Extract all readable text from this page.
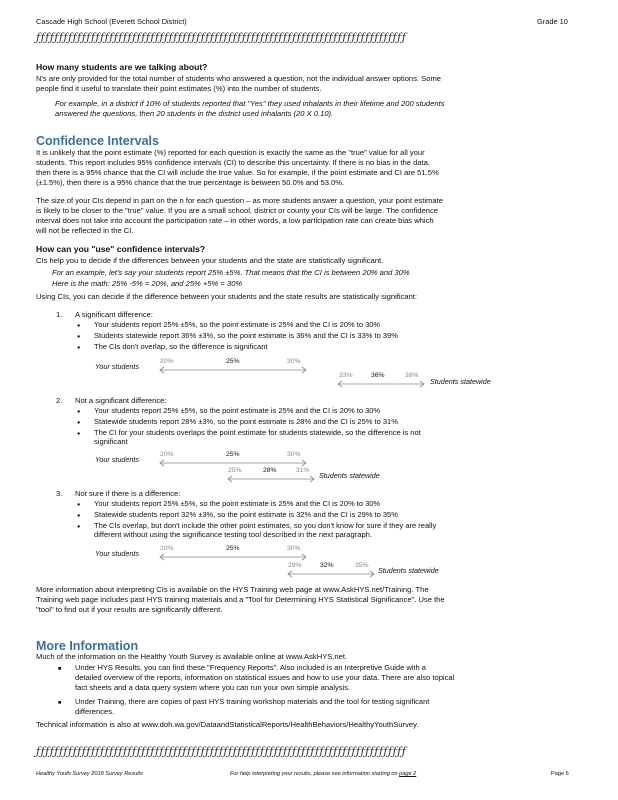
Cascade High School (Everett School District)	Grade 10
ƒƒƒƒƒƒƒƒƒƒƒƒƒƒƒƒƒƒƒƒƒƒƒƒƒƒƒƒƒƒƒƒƒƒƒƒƒƒƒƒƒƒƒƒƒƒƒƒƒƒƒƒƒƒƒƒƒƒƒƒƒƒƒƒƒƒƒƒƒƒƒƒƒƒƒƒƒƒƒƒƒ
How many students are we talking about?
N's are only provided for the total number of students who answered a question, not the individual answer options. Some
people find it useful to translate their point estimates (%) into the number of students.
For example, in a district if 10% of students reported that "Yes" they used inhalants in their lifetime and 200 students
answered the questions, then 20 students in the district used inhalants (20 X 0.10).
Confidence Intervals
It is unlikely that the point estimate (%) reported for each question is exactly the same as the "true" value for all your
students. This report includes 95% confidence intervals (CI) to describe this uncertainty. If there is no bias in the data,
then there is a 95% chance that the CI will include the true value. So for example, if the point estimate and CI are 51.5%
(±1.5%), then there is a 95% chance that the true percentage is between 50.0% and 53.0%.
The size of your CIs depend in part on the n for each question – as more students answer a question, your point estimate
is likely to be closer to the "true" value. If you are a small school, district or county your CIs will be large. The confidence
interval does not take into account the participation rate – in other words, a low participation rate can create bias which
will not be reflected in the CI.
How can you "use" confidence intervals?
CIs help you to decide if the differences between your students and the state are statistically significant.
For an example, let's say your students report 25% ±5%. That means that the CI is between 20% and 30%
Here is the math: 25% -5% = 20%, and 25% +5% = 30%
Using CIs, you can decide if the difference between your students and the state results are statistically significant:
1. A significant difference:
● Your students report 25% ±5%, so the point estimate is 25% and the CI is 20% to 30%
● Students statewide report 36% ±3%, so the point estimate is 36% and the CI is 33% to 39%
● The CIs don't overlap, so the difference is significant
Your students
20%	25%	30%
33%	36%	39%
Students statewide
2. Not a significant difference:
● Your students report 25% ±5%, so the point estimate is 25% and the CI is 20% to 30%
● Statewide students report 28% ±3%, so the point estimate is 28% and the CI is 25% to 31%
● The CI for your students overlaps the point estimate for students statewide, so the difference is not
significant
Your students
20%	25%	30%
25%	28%	31%
Students statewide
3. Not sure if there is a difference:
● Your students report 25% ±5%, so the point estimate is 25% and the CI is 20% to 30%
● Statewide students report 32% ±3%, so the point estimate is 32% and the CI is 29% to 35%
● The CIs overlap, but don't include the other point estimates, so you don't know for sure if they are really
different without using the significance testing tool described in the next paragraph.
Your students
20%	25%	30%
29%	32%	35%
Students statewide
More information about interpreting CIs is available on the HYS Training web page at www.AskHYS.net/Training. The
Training web page includes past HYS training materials and a "Tool for Determining HYS Statistical Significance". Use the
"tool" to find out if your results are significantly different.
More Information
Much of the information on the Healthy Youth Survey is available online at www.AskHYS.net.
■ Under HYS Results, you can find these "Frequency Reports". Also included is an Interpretive Guide with a
detailed overview of the reports, information on statistical issues and how to use your data. There are also topical
fact sheets and a data query system where you can run your own simple analysis.
■ Under Training, there are copies of past HYS training workshop materials and the tool for testing significant
differences.
Technical information is also at www.doh.wa.gov/DataandStatisticalReports/HealthBehaviors/HealthyYouthSurvey.
ƒƒƒƒƒƒƒƒƒƒƒƒƒƒƒƒƒƒƒƒƒƒƒƒƒƒƒƒƒƒƒƒƒƒƒƒƒƒƒƒƒƒƒƒƒƒƒƒƒƒƒƒƒƒƒƒƒƒƒƒƒƒƒƒƒƒƒƒƒƒƒƒƒƒƒƒƒƒƒƒƒ
Healthy Youth Survey 2018 Survey Results	For help interpreting your results, please see information starting on page 2	Page 6
